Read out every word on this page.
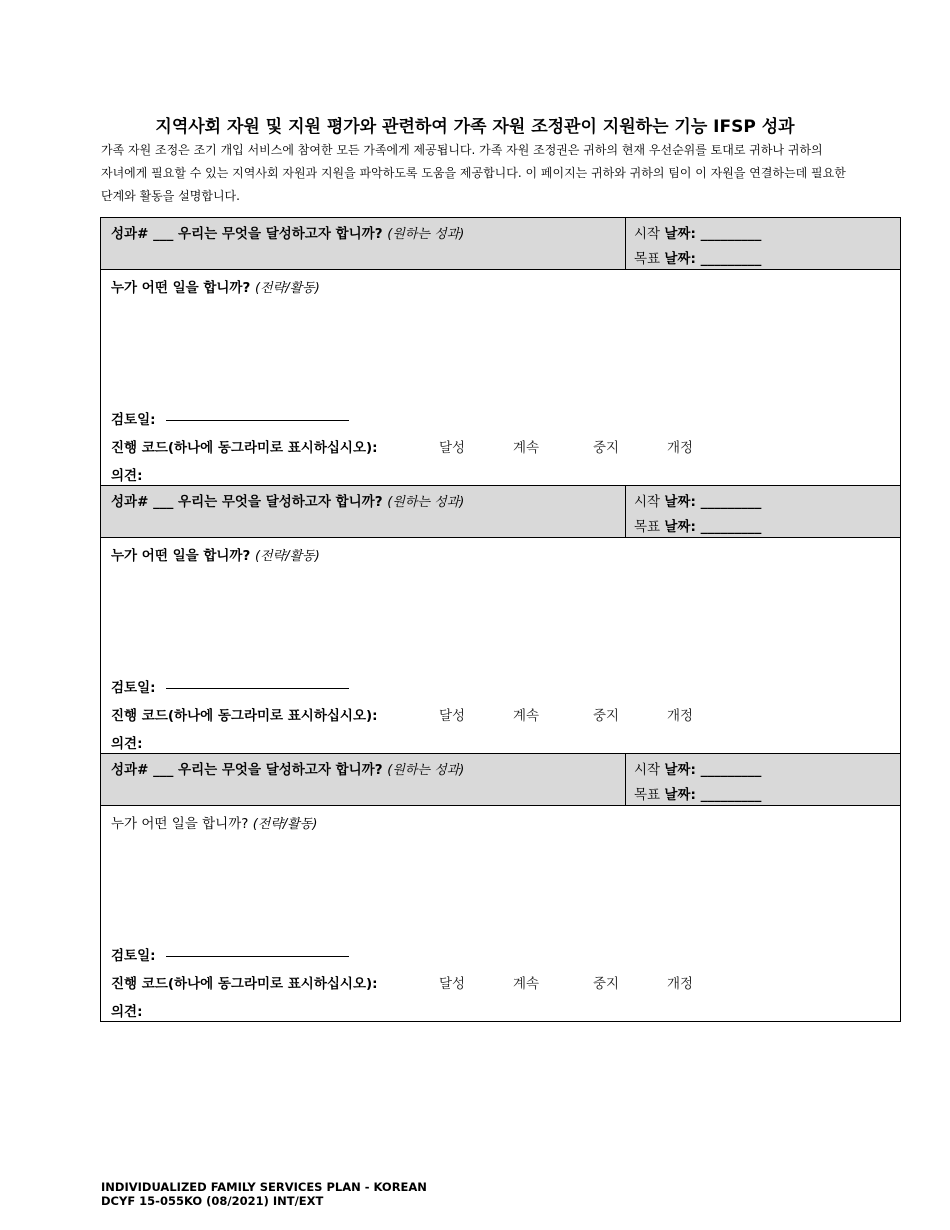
지역사회 자원 및 지원 평가와 관련하여 가족 자원 조정관이 지원하는 기능 IFSP 성과

가족 자원 조정은 조기 개입 서비스에 참여한 모든 가족에게 제공됩니다. 가족 자원 조정권은 귀하의 현재 우선순위를 토대로 귀하나 귀하의

자녀에게 필요할 수 있는 지역사회 자원과 지원을 파악하도록 도움을 제공합니다. 이 페이지는 귀하와 귀하의 팀이 이 자원을 연결하는데 필요한

단계와 활동을 설명합니다.

성과# ___ 우리는 무엇을 달성하고자 합니까? (원하는 성과)	시작 날짜: _________
목표 날짜: _________
누가 어떤 일을 합니까? (전략/활동)
검토일:
진행 코드(하나에 동그라미로 표시하십시오):	달성	계속	중지	개정
의견:
성과# ___ 우리는 무엇을 달성하고자 합니까? (원하는 성과)	시작 날짜: _________
목표 날짜: _________
누가 어떤 일을 합니까? (전략/활동)
검토일:
진행 코드(하나에 동그라미로 표시하십시오):	달성	계속	중지	개정
의견:
성과# ___ 우리는 무엇을 달성하고자 합니까? (원하는 성과)	시작 날짜: _________
목표 날짜: _________
누가 어떤 일을 합니까? (전략/활동)
검토일:
진행 코드(하나에 동그라미로 표시하십시오):	달성	계속	중지	개정
의견:
INDIVIDUALIZED FAMILY SERVICES PLAN - KOREAN
DCYF 15-055KO (08/2021) INT/EXT
